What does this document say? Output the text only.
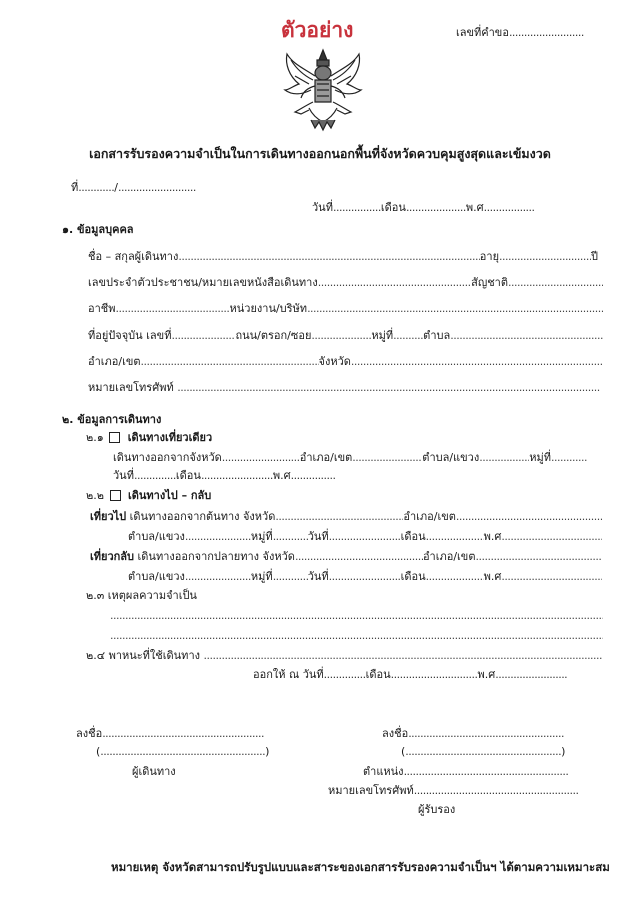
ตัวอย่าง	เลขที่คำขอ.........................
เอกสารรับรองความจำเป็นในการเดินทางออกนอกพื้นที่จังหวัดควบคุมสูงสุดและเข้มงวด
ที่............/..........................
วันที่................เดือน....................พ.ศ.................
๑. ข้อมูลบุคคล
ชื่อ – สกุลผู้เดินทาง .....	อายุ .....	ปี
เลขประจำตัวประชาชน/หมายเลขหนังสือเดินทาง .....	สัญชาติ
.....
อาชีพ .....	หน่วยงาน/บริษัท
.....
ที่อยู่ปัจจุบัน เลขที่ .....	ถนน/ตรอก/ซอย .....	หมู่ที่ .....	ตำบล
.....
อำเภอ/เขต .....	จังหวัด
.....
หมายเลขโทรศัพท์

.....
๒. ข้อมูลการเดินทาง
๒.๑ เดินทางเที่ยวเดียว
เดินทางออกจากจังหวัด .....	อำเภอ/เขต .....	ตำบล/แขวง .....	หมู่ที่
.....
วันที่..............เดือน........................พ.ศ...............
๒.๒ เดินทางไป – กลับ
เที่ยวไป
เดินทางออกจากต้นทาง จังหวัด .....	อำเภอ/เขต
.....
ตำบล/แขวง .....	หมู่ที่ .....	วันที่ .....	เดือน .....	พ.ศ
.....
เที่ยวกลับ
เดินทางออกจากปลายทาง จังหวัด .....	อำเภอ/เขต
.....
ตำบล/แขวง .....	หมู่ที่ .....	วันที่ .....	เดือน .....	พ.ศ
.....
๒.๓ เหตุผลความจำเป็น
.....
.....
๒.๔ พาหนะที่ใช้เดินทาง

.....
ออกให้ ณ วันที่..............เดือน.............................พ.ศ........................
ลงชื่อ......................................................
(.......................................................)
ผู้เดินทาง
ลงชื่อ....................................................
(....................................................)
ตำแหน่ง.......................................................
หมายเลขโทรศัพท์.......................................................
ผู้รับรอง
หมายเหตุ จังหวัดสามารถปรับรูปแบบและสาระของเอกสารรับรองความจำเป็นฯ ได้ตามความเหมาะสม
